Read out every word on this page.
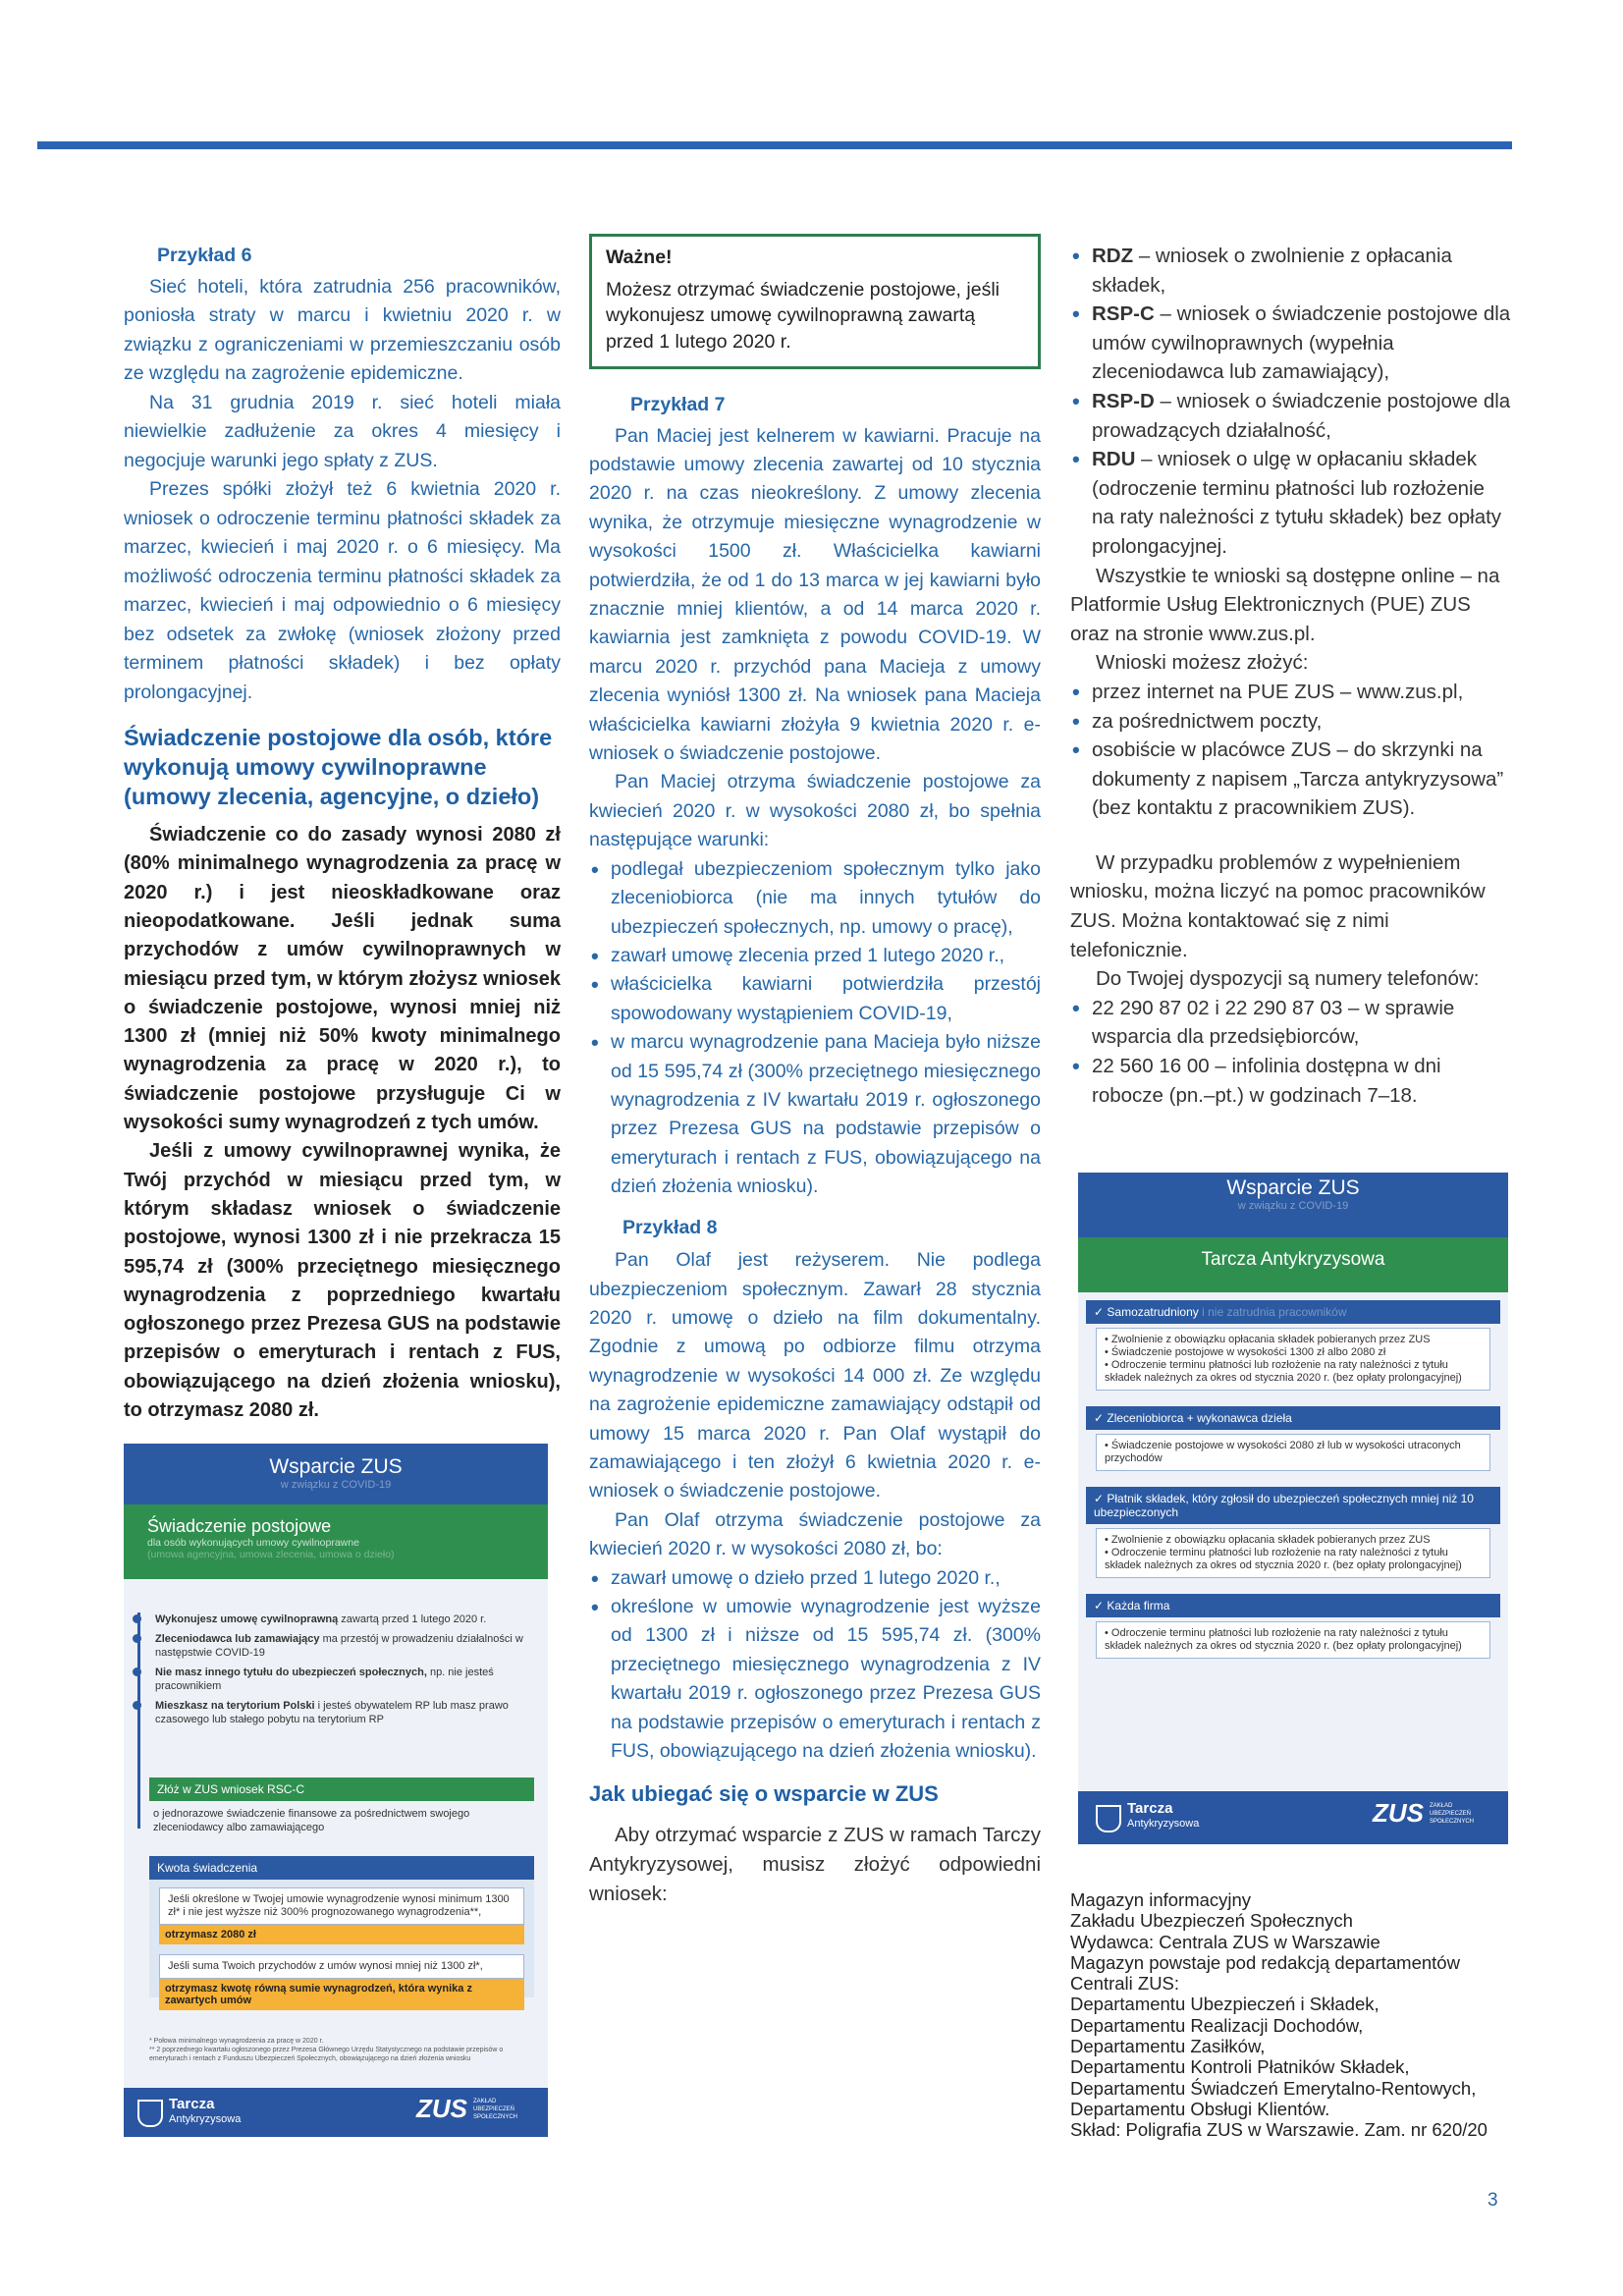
Przykład 6

Sieć hoteli, która zatrudnia 256 pracowników, poniosła straty w marcu i kwietniu 2020 r. w związku z ograniczeniami w przemieszczaniu osób ze względu na zagrożenie epidemiczne.

Na 31 grudnia 2019 r. sieć hoteli miała niewielkie zadłużenie za okres 4 miesięcy i negocjuje warunki jego spłaty z ZUS.

Prezes spółki złożył też 6 kwietnia 2020 r. wniosek o odroczenie terminu płatności składek za marzec, kwiecień i maj 2020 r. o 6 miesięcy. Ma możliwość odroczenia terminu płatności składek za marzec, kwiecień i maj odpowiednio o 6 miesięcy bez odsetek za zwłokę (wniosek złożony przed terminem płatności składek) i bez opłaty prolongacyjnej.

Świadczenie postojowe dla osób, które wykonują umowy cywilnoprawne (umowy zlecenia, agencyjne, o dzieło)

Świadczenie co do zasady wynosi 2080 zł (80% minimalnego wynagrodzenia za pracę w 2020 r.) i jest nieoskładkowane oraz nieopodatkowane. Jeśli jednak suma przychodów z umów cywilnoprawnych w miesiącu przed tym, w którym złożysz wniosek o świadczenie postojowe, wynosi mniej niż 1300 zł (mniej niż 50% kwoty minimalnego wynagrodzenia za pracę w 2020 r.), to świadczenie postojowe przysługuje Ci w wysokości sumy wynagrodzeń z tych umów.

Jeśli z umowy cywilnoprawnej wynika, że Twój przychód w miesiącu przed tym, w którym składasz wniosek o świadczenie postojowe, wynosi 1300 zł i nie przekracza 15 595,74 zł (300% przeciętnego miesięcznego wynagrodzenia z poprzedniego kwartału ogłoszonego przez Prezesa GUS na podstawie przepisów o emeryturach i rentach z FUS, obowiązującego na dzień złożenia wniosku), to otrzymasz 2080 zł.

Ważne!
Możesz otrzymać świadczenie postojowe, jeśli wykonujesz umowę cywilnoprawną zawartą przed 1 lutego 2020 r.
Przykład 7

Pan Maciej jest kelnerem w kawiarni. Pracuje na podstawie umowy zlecenia zawartej od 10 stycznia 2020 r. na czas nieokreślony. Z umowy zlecenia wynika, że otrzymuje miesięczne wynagrodzenie w wysokości 1500 zł. Właścicielka kawiarni potwierdziła, że od 1 do 13 marca w jej kawiarni było znacznie mniej klientów, a od 14 marca 2020 r. kawiarnia jest zamknięta z powodu COVID-19. W marcu 2020 r. przychód pana Macieja z umowy zlecenia wyniósł 1300 zł. Na wniosek pana Macieja właścicielka kawiarni złożyła 9 kwietnia 2020 r. e-wniosek o świadczenie postojowe.

Pan Maciej otrzyma świadczenie postojowe za kwiecień 2020 r. w wysokości 2080 zł, bo spełnia następujące warunki:

• podlegał ubezpieczeniom społecznym tylko jako zleceniobiorca (nie ma innych tytułów do ubezpieczeń społecznych, np. umowy o pracę),
• zawarł umowę zlecenia przed 1 lutego 2020 r.,
• właścicielka kawiarni potwierdziła przestój spowodowany wystąpieniem COVID-19,
• w marcu wynagrodzenie pana Macieja było niższe od 15 595,74 zł (300% przeciętnego miesięcznego wynagrodzenia z IV kwartału 2019 r. ogłoszonego przez Prezesa GUS na podstawie przepisów o emeryturach i rentach z FUS, obowiązującego na dzień złożenia wniosku).
Przykład 8

Pan Olaf jest reżyserem. Nie podlega ubezpieczeniom społecznym. Zawarł 28 stycznia 2020 r. umowę o dzieło na film dokumentalny. Zgodnie z umową po odbiorze filmu otrzyma wynagrodzenie w wysokości 14 000 zł. Ze względu na zagrożenie epidemiczne zamawiający odstąpił od umowy 15 marca 2020 r. Pan Olaf wystąpił do zamawiającego i ten złożył 6 kwietnia 2020 r. e-wniosek o świadczenie postojowe.

Pan Olaf otrzyma świadczenie postojowe za kwiecień 2020 r. w wysokości 2080 zł, bo:

• zawarł umowę o dzieło przed 1 lutego 2020 r.,
• określone w umowie wynagrodzenie jest wyższe od 1300 zł i niższe od 15 595,74 zł. (300% przeciętnego miesięcznego wynagrodzenia z IV kwartału 2019 r. ogłoszonego przez Prezesa GUS na podstawie przepisów o emeryturach i rentach z FUS, obowiązującego na dzień złożenia wniosku).
Jak ubiegać się o wsparcie w ZUS

Aby otrzymać wsparcie z ZUS w ramach Tarczy Antykryzysowej, musisz złożyć odpowiedni wniosek:

• RDZ – wniosek o zwolnienie z opłacania składek,
• RSP-C – wniosek o świadczenie postojowe dla umów cywilnoprawnych (wypełnia zleceniodawca lub zamawiający),
• RSP-D – wniosek o świadczenie postojowe dla prowadzących działalność,
• RDU – wniosek o ulgę w opłacaniu składek (odroczenie terminu płatności lub rozłożenie na raty należności z tytułu składek) bez opłaty prolongacyjnej.

Wszystkie te wnioski są dostępne online – na Platformie Usług Elektronicznych (PUE) ZUS oraz na stronie www.zus.pl.

Wnioski możesz złożyć:

• przez internet na PUE ZUS – www.zus.pl,
• za pośrednictwem poczty,
• osobiście w placówce ZUS – do skrzynki na dokumenty z napisem „Tarcza antykryzysowa” (bez kontaktu z pracownikiem ZUS).

W przypadku problemów z wypełnieniem wniosku, można liczyć na pomoc pracowników ZUS. Można kontaktować się z nimi telefonicznie.

Do Twojej dyspozycji są numery telefonów:

• 22 290 87 02 i 22 290 87 03 – w sprawie wsparcia dla przedsiębiorców,
• 22 560 16 00 – infolinia dostępna w dni robocze (pn.–pt.) w godzinach 7–18.
Wsparcie ZUS
w związku z COVID-19
Świadczenie postojowe
dla osób wykonujących umowy cywilnoprawne
(umowa agencyjna, umowa zlecenia, umowa o dzieło)
Wykonujesz umowę cywilnoprawną zawartą przed 1 lutego 2020 r.
Zleceniodawca lub zamawiający ma przestój w prowadzeniu działalności w następstwie COVID-19
Nie masz innego tytułu do ubezpieczeń społecznych, np. nie jesteś pracownikiem
Mieszkasz na terytorium Polski i jesteś obywatelem RP lub masz prawo czasowego lub stałego pobytu na terytorium RP
Złóż w ZUS wniosek RSC-C
o jednorazowe świadczenie finansowe za pośrednictwem swojego zleceniodawcy albo zamawiającego
Kwota świadczenia
Jeśli określone w Twojej umowie wynagrodzenie wynosi minimum 1300 zł* i nie jest wyższe niż 300% prognozowanego wynagrodzenia**,
otrzymasz 2080 zł
Jeśli suma Twoich przychodów z umów wynosi mniej niż 1300 zł*,
otrzymasz kwotę równą sumie wynagrodzeń, która wynika z zawartych umów
* Połowa minimalnego wynagrodzenia za pracę w 2020 r.
** 2 poprzednego kwartału ogłoszonego przez Prezesa Głównego Urzędu Statystycznego na podstawie przepisów o emeryturach i rentach z Funduszu Ubezpieczeń Społecznych, obowiązującego na dzień złożenia wniosku
Tarcza
Antykryzysowa	ZUS ZAKŁAD UBEZPIECZEŃ SPOŁECZNYCH
Wsparcie ZUS
w związku z COVID-19
Tarcza Antykryzysowa
✓ Samozatrudniony i nie zatrudnia pracowników
• Zwolnienie z obowiązku opłacania składek pobieranych przez ZUS
• Świadczenie postojowe w wysokości 1300 zł albo 2080 zł
• Odroczenie terminu płatności lub rozłożenie na raty należności z tytułu składek należnych za okres od stycznia 2020 r. (bez opłaty prolongacyjnej)
✓ Zleceniobiorca + wykonawca dzieła
• Świadczenie postojowe w wysokości 2080 zł lub w wysokości utraconych przychodów
✓ Płatnik składek, który zgłosił do ubezpieczeń społecznych mniej niż 10 ubezpieczonych
• Zwolnienie z obowiązku opłacania składek pobieranych przez ZUS
• Odroczenie terminu płatności lub rozłożenie na raty należności z tytułu składek należnych za okres od stycznia 2020 r. (bez opłaty prolongacyjnej)
✓ Każda firma
• Odroczenie terminu płatności lub rozłożenie na raty należności z tytułu składek należnych za okres od stycznia 2020 r. (bez opłaty prolongacyjnej)
Tarcza
Antykryzysowa	ZUS ZAKŁAD UBEZPIECZEŃ SPOŁECZNYCH
Magazyn informacyjny
Zakładu Ubezpieczeń Społecznych
Wydawca: Centrala ZUS w Warszawie
Magazyn powstaje pod redakcją departamentów
Centrali ZUS:
Departamentu Ubezpieczeń i Składek,
Departamentu Realizacji Dochodów,
Departamentu Zasiłków,
Departamentu Kontroli Płatników Składek,
Departamentu Świadczeń Emerytalno-Rentowych,
Departamentu Obsługi Klientów.
Skład: Poligrafia ZUS w Warszawie. Zam. nr 620/20
3
